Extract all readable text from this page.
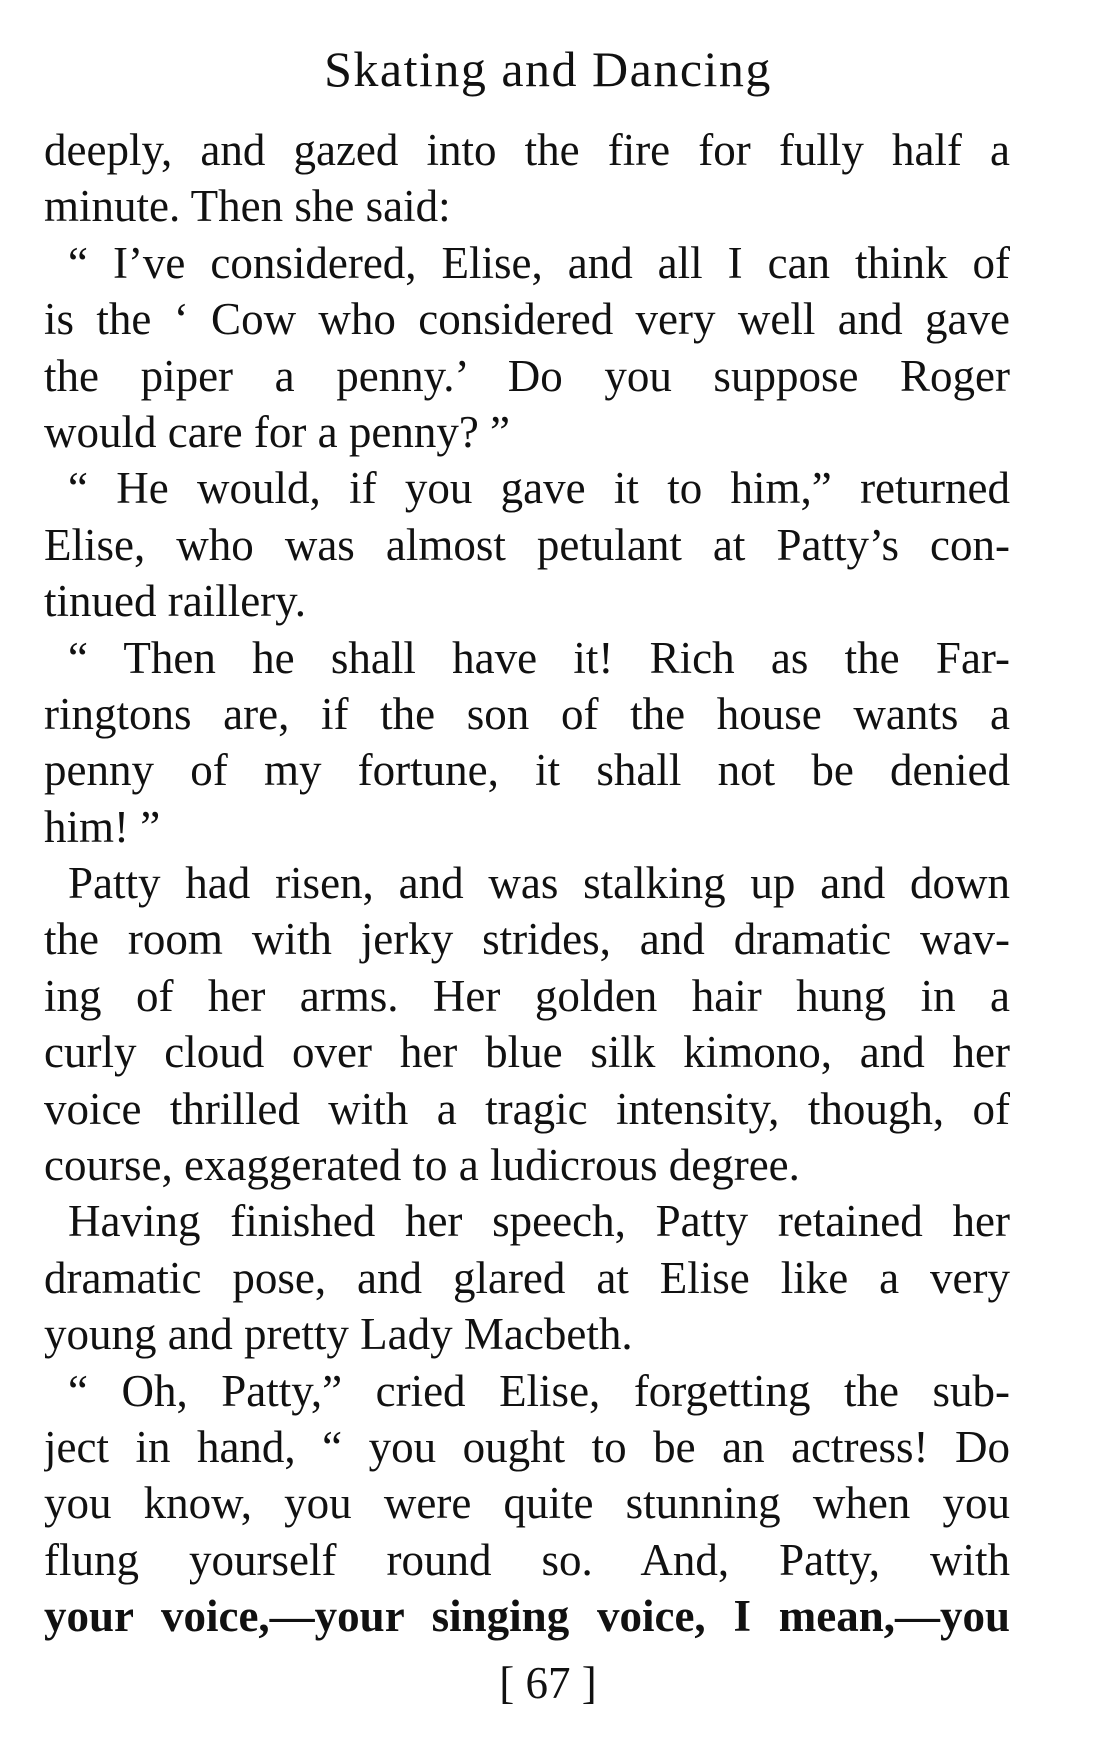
Skating and Dancing
deeply, and gazed into the fire for fully half a
minute. Then she said:
“ I’ve considered, Elise, and all I can think of
is the ‘ Cow who considered very well and gave
the piper a penny.’ Do you suppose Roger
would care for a penny? ”
“ He would, if you gave it to him,” returned
Elise, who was almost petulant at Patty’s con-
tinued raillery.
“ Then he shall have it! Rich as the Far-
ringtons are, if the son of the house wants a
penny of my fortune, it shall not be denied
him! ”
Patty had risen, and was stalking up and down
the room with jerky strides, and dramatic wav-
ing of her arms. Her golden hair hung in a
curly cloud over her blue silk kimono, and her
voice thrilled with a tragic intensity, though, of
course, exaggerated to a ludicrous degree.
Having finished her speech, Patty retained her
dramatic pose, and glared at Elise like a very
young and pretty Lady Macbeth.
“ Oh, Patty,” cried Elise, forgetting the sub-
ject in hand, “ you ought to be an actress! Do
you know, you were quite stunning when you
flung yourself round so. And, Patty, with
your voice,—your singing voice, I mean,—you
[ 67 ]
